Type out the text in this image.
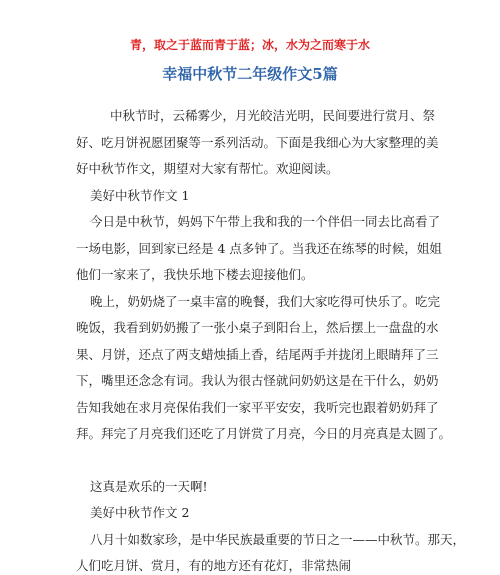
青，取之于蓝而青于蓝；冰，水为之而寒于水
幸福中秋节二年级作文5篇
中秋节时，云稀雾少，月光皎洁光明，民间要进行赏月、祭
好、吃月饼祝愿团聚等一系列活动。下面是我细心为大家整理的美
好中秋节作文，期望对大家有帮忙。欢迎阅读。
美好中秋节作文 1
今日是中秋节，妈妈下午带上我和我的一个伴侣一同去比高看了
一场电影，回到家已经是 4 点多钟了。当我还在练琴的时候，姐姐
他们一家来了，我快乐地下楼去迎接他们。
晚上，奶奶烧了一桌丰富的晚餐，我们大家吃得可快乐了。吃完
晚饭，我看到奶奶搬了一张小桌子到阳台上，然后摆上一盘盘的水
果、月饼，还点了两支蜡烛插上香，结尾两手并拢闭上眼睛拜了三
下，嘴里还念念有词。我认为很古怪就问奶奶这是在干什么，奶奶
告知我她在求月亮保佑我们一家平平安安，我听完也跟着奶奶拜了
拜。拜完了月亮我们还吃了月饼赏了月亮，今日的月亮真是太圆了。
这真是欢乐的一天啊!
美好中秋节作文 2
八月十如数家珍，是中华民族最重要的节日之一——中秋节。那天，
人们吃月饼、赏月，有的地方还有花灯，非常热闹
